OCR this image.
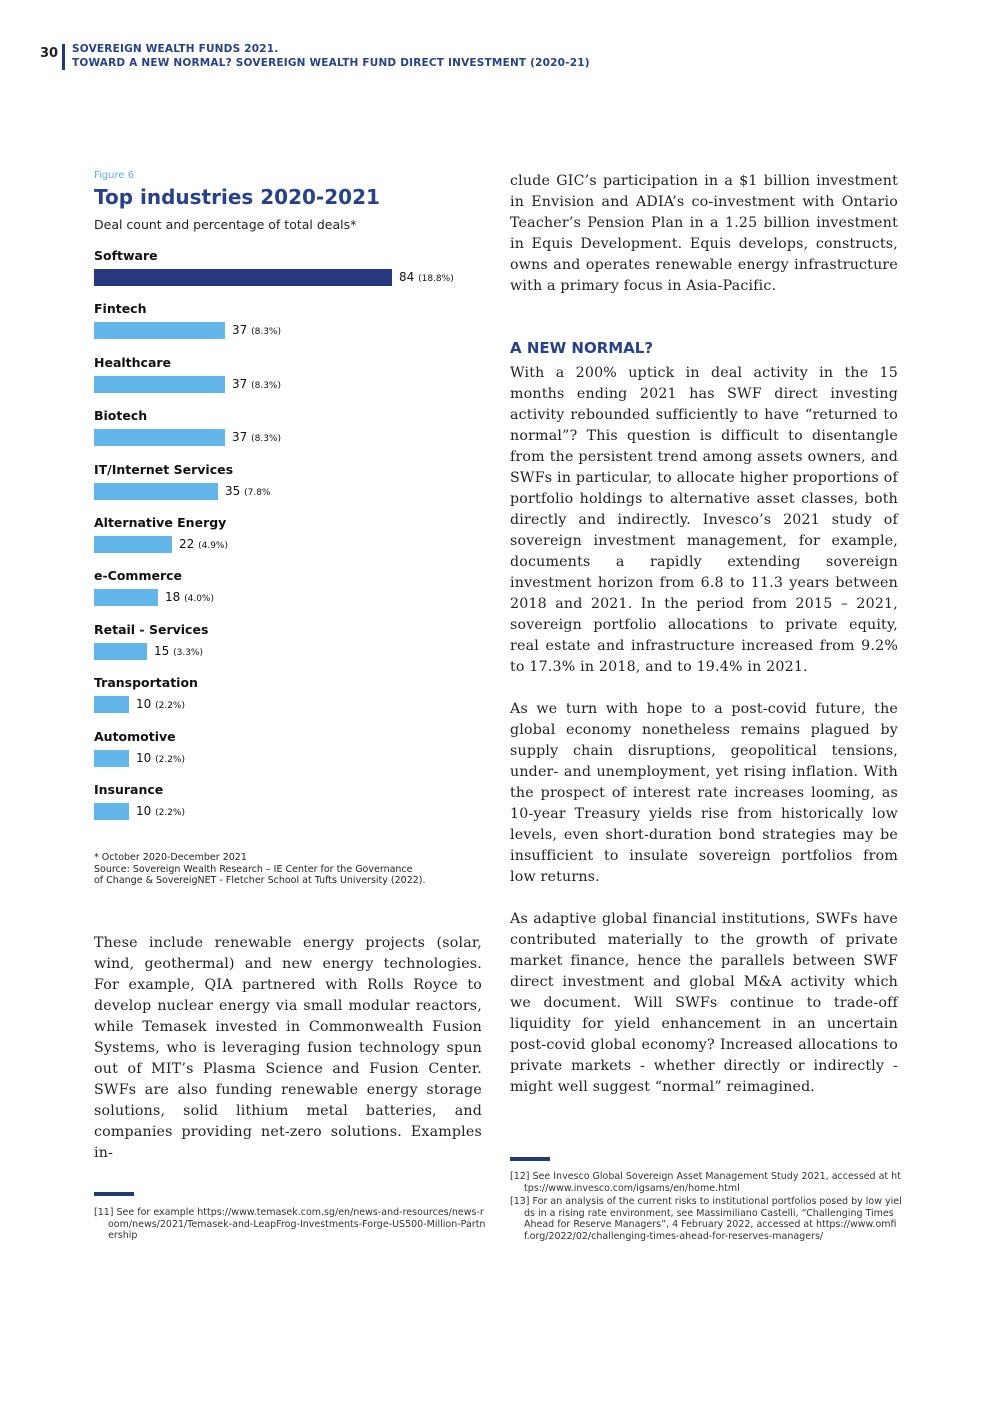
30 SOVEREIGN WEALTH FUNDS 2021.
TOWARD A NEW NORMAL? SOVEREIGN WEALTH FUND DIRECT INVESTMENT (2020-21)
Figure 6
Top industries 2020-2021
Deal count and percentage of total deals*
Software
84 (18.8%)
Fintech
37 (8.3%)
Healthcare
37 (8.3%)
Biotech
37 (8.3%)
IT/Internet Services
35 (7.8%
Alternative Energy
22 (4.9%)
e-Commerce
18 (4.0%)
Retail - Services
15 (3.3%)
Transportation
10 (2.2%)
Automotive
10 (2.2%)
Insurance
10 (2.2%)
* October 2020-December 2021
Source: Sovereign Wealth Research – IE Center for the Governance
of Change & SovereigNET - Fletcher School at Tufts University (2022).

These include renewable energy projects (solar, wind, geothermal) and new energy technologies. For example, QIA partnered with Rolls Royce to develop nuclear energy via small modular reactors, while Temasek invested in Commonwealth Fusion Systems, who is leveraging fusion technology spun out of MIT’s Plasma Science and Fusion Center. SWFs are also funding renewable energy storage solutions, solid lithium metal batteries, and companies providing net-zero solutions. Examples in-

clude GIC’s participation in a $1 billion investment in Envision and ADIA’s co-investment with Ontario Teacher’s Pension Plan in a 1.25 billion investment in Equis Development. Equis develops, constructs, owns and operates renewable energy infrastructure with a primary focus in Asia-Pacific.

A NEW NORMAL?

With a 200% uptick in deal activity in the 15 months ending 2021 has SWF direct investing activity rebounded sufficiently to have “returned to normal”? This question is difficult to disentangle from the persistent trend among assets owners, and SWFs in particular, to allocate higher proportions of portfolio holdings to alternative asset classes, both directly and indirectly. Invesco’s 2021 study of sovereign investment management, for example, documents a rapidly extending sovereign investment horizon from 6.8 to 11.3 years between 2018 and 2021. In the period from 2015 – 2021, sovereign portfolio allocations to private equity, real estate and infrastructure increased from 9.2% to 17.3% in 2018, and to 19.4% in 2021.

As we turn with hope to a post-covid future, the global economy nonetheless remains plagued by supply chain disruptions, geopolitical tensions, under- and unemployment, yet rising inflation. With the prospect of interest rate increases looming, as 10-year Treasury yields rise from historically low levels, even short-duration bond strategies may be insufficient to insulate sovereign portfolios from low returns.

As adaptive global financial institutions, SWFs have contributed materially to the growth of private market finance, hence the parallels between SWF direct investment and global M&A activity which we document. Will SWFs continue to trade-off liquidity for yield enhancement in an uncertain post-covid global economy? Increased allocations to private markets - whether directly or indirectly - might well suggest “normal” reimagined.

[11] See for example https://www.temasek.com.sg/en/news-and-resources/news-room/news/2021/Temasek-and-LeapFrog-Investments-Forge-US500-Million-Partnership
[12] See Invesco Global Sovereign Asset Management Study 2021, accessed at https://www.invesco.com/igsams/en/home.html
[13] For an analysis of the current risks to institutional portfolios posed by low yields in a rising rate environment, see Massimiliano Castelli, “Challenging Times Ahead for Reserve Managers”, 4 February 2022, accessed at https://www.omfif.org/2022/02/challenging-times-ahead-for-reserves-managers/
